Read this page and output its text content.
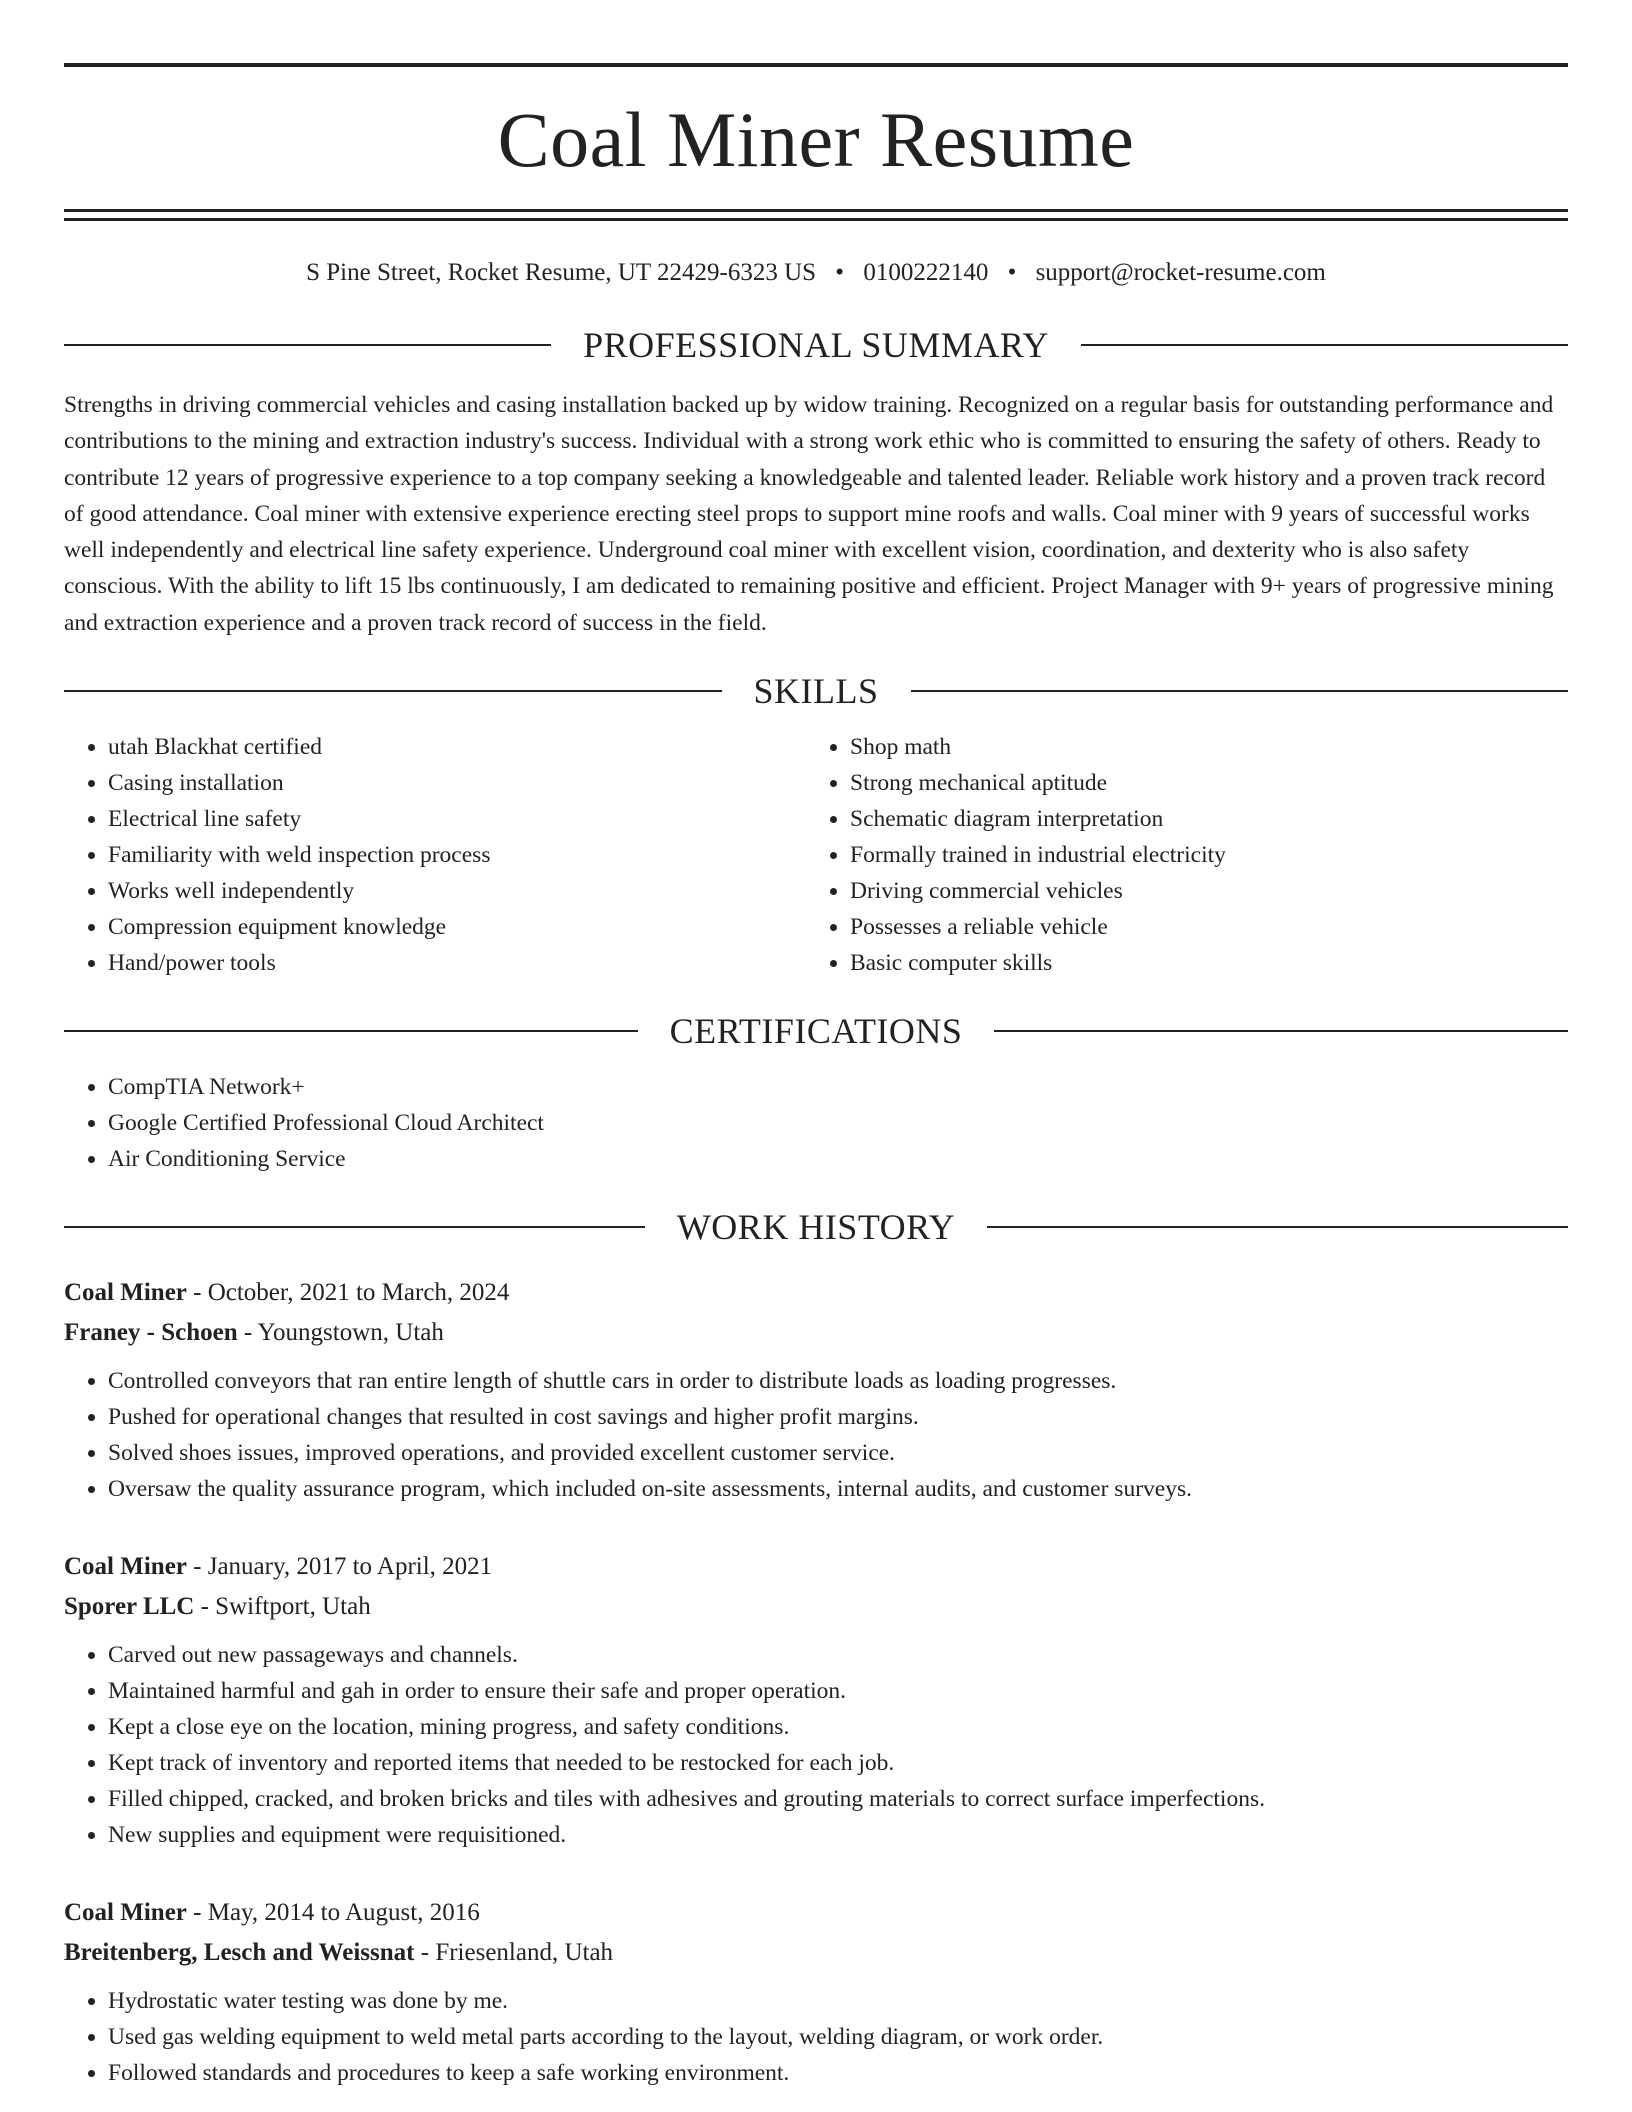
Coal Miner Resume
S Pine Street, Rocket Resume, UT 22429-6323 US • 0100222140 • support@rocket-resume.com
PROFESSIONAL SUMMARY

Strengths in driving commercial vehicles and casing installation backed up by widow training. Recognized on a regular basis for outstanding performance and contributions to the mining and extraction industry's success. Individual with a strong work ethic who is committed to ensuring the safety of others. Ready to contribute 12 years of progressive experience to a top company seeking a knowledgeable and talented leader. Reliable work history and a proven track record of good attendance. Coal miner with extensive experience erecting steel props to support mine roofs and walls. Coal miner with 9 years of successful works well independently and electrical line safety experience. Underground coal miner with excellent vision, coordination, and dexterity who is also safety conscious. With the ability to lift 15 lbs continuously, I am dedicated to remaining positive and efficient. Project Manager with 9+ years of progressive mining and extraction experience and a proven track record of success in the field.

SKILLS
• utah Blackhat certified
• Casing installation
• Electrical line safety
• Familiarity with weld inspection process
• Works well independently
• Compression equipment knowledge
• Hand/power tools
• Shop math
• Strong mechanical aptitude
• Schematic diagram interpretation
• Formally trained in industrial electricity
• Driving commercial vehicles
• Possesses a reliable vehicle
• Basic computer skills
CERTIFICATIONS
• CompTIA Network+
• Google Certified Professional Cloud Architect
• Air Conditioning Service
WORK HISTORY
Coal Miner - October, 2021 to March, 2024
Franey - Schoen - Youngstown, Utah
• Controlled conveyors that ran entire length of shuttle cars in order to distribute loads as loading progresses.
• Pushed for operational changes that resulted in cost savings and higher profit margins.
• Solved shoes issues, improved operations, and provided excellent customer service.
• Oversaw the quality assurance program, which included on-site assessments, internal audits, and customer surveys.
Coal Miner - January, 2017 to April, 2021
Sporer LLC - Swiftport, Utah
• Carved out new passageways and channels.
• Maintained harmful and gah in order to ensure their safe and proper operation.
• Kept a close eye on the location, mining progress, and safety conditions.
• Kept track of inventory and reported items that needed to be restocked for each job.
• Filled chipped, cracked, and broken bricks and tiles with adhesives and grouting materials to correct surface imperfections.
• New supplies and equipment were requisitioned.
Coal Miner - May, 2014 to August, 2016
Breitenberg, Lesch and Weissnat - Friesenland, Utah
• Hydrostatic water testing was done by me.
• Used gas welding equipment to weld metal parts according to the layout, welding diagram, or work order.
• Followed standards and procedures to keep a safe working environment.
